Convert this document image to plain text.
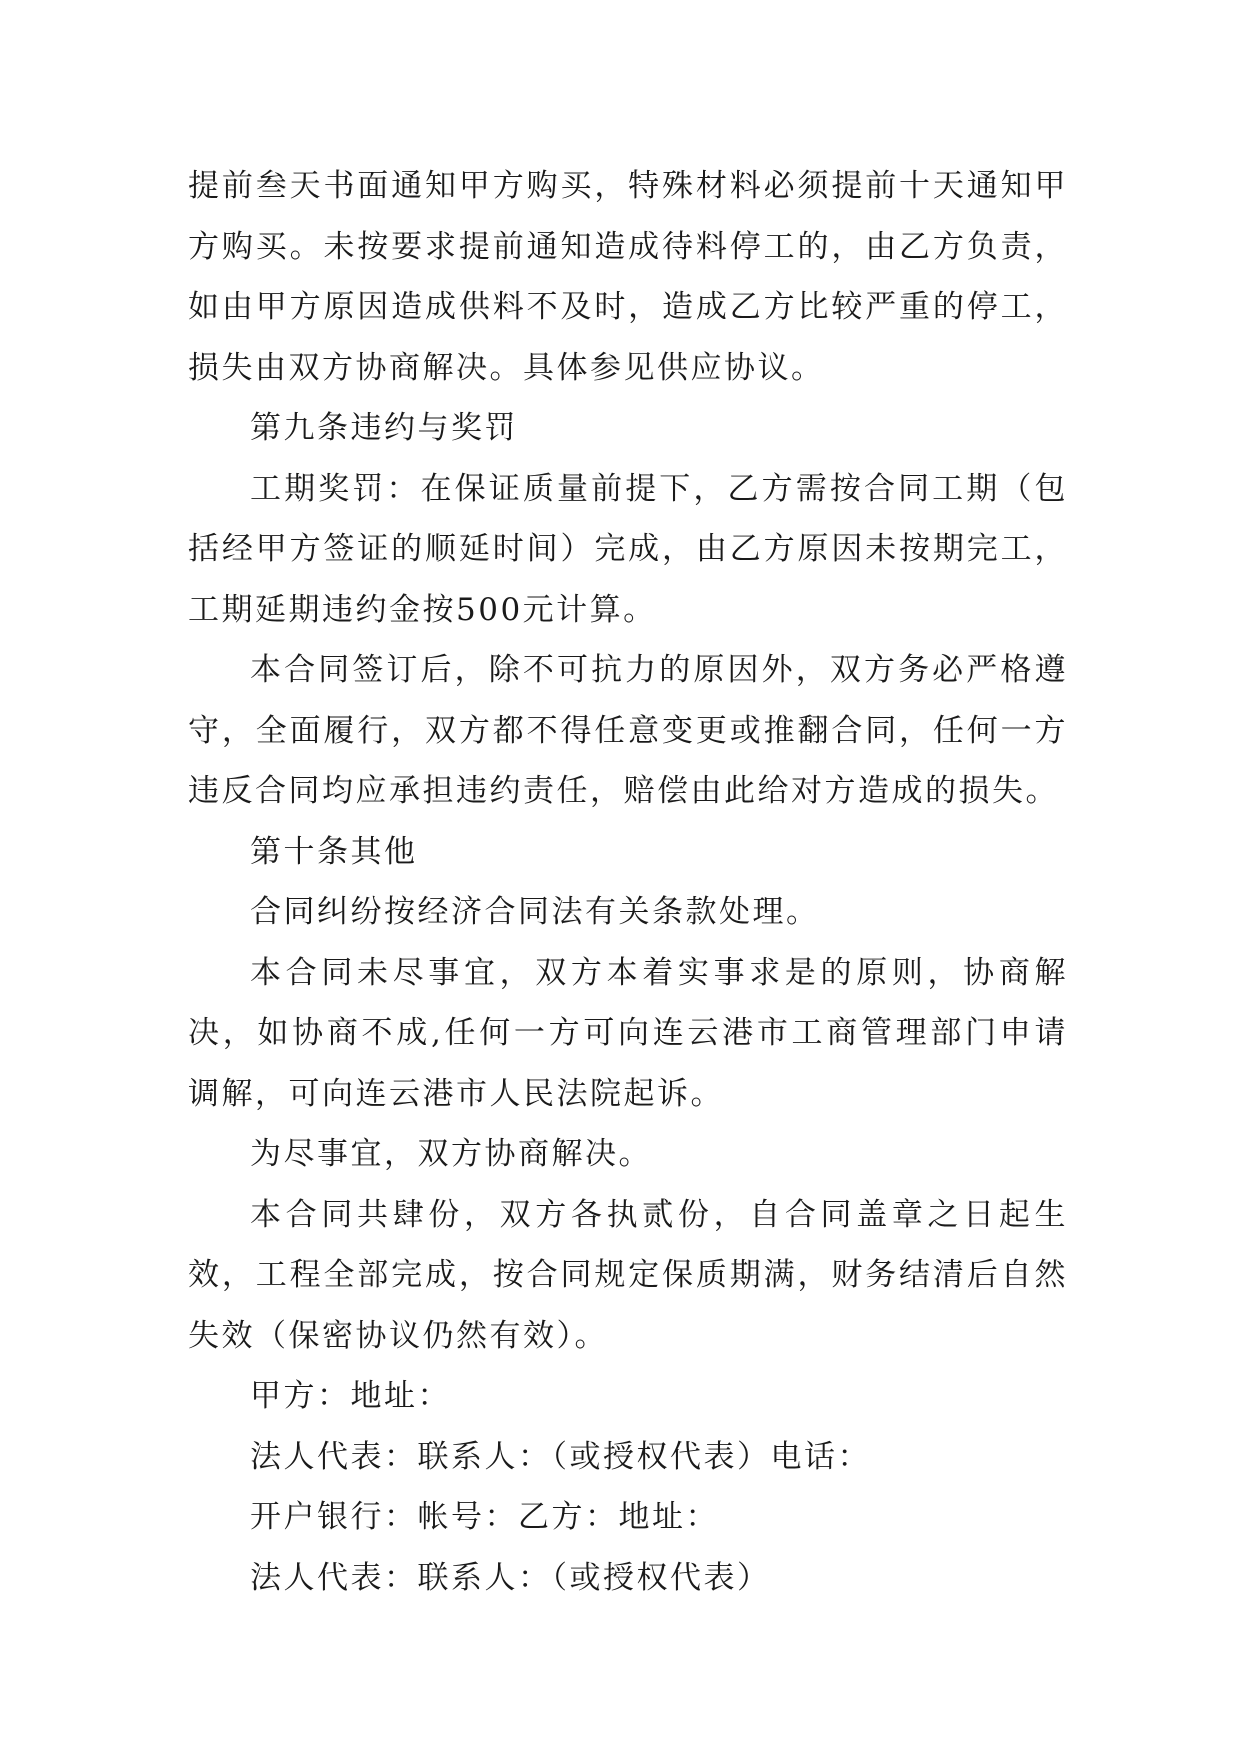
提前叁天书面通知甲方购买，特殊材料必须提前十天通知甲方购买。未按要求提前通知造成待料停工的，由乙方负责，如由甲方原因造成供料不及时，造成乙方比较严重的停工，损失由双方协商解决。具体参见供应协议。

第九条违约与奖罚

工期奖罚：在保证质量前提下，乙方需按合同工期（包括经甲方签证的顺延时间）完成，由乙方原因未按期完工，工期延期违约金按500元计算。

本合同签订后，除不可抗力的原因外，双方务必严格遵守，全面履行，双方都不得任意变更或推翻合同，任何一方违反合同均应承担违约责任，赔偿由此给对方造成的损失。

第十条其他

合同纠纷按经济合同法有关条款处理。

本合同未尽事宜，双方本着实事求是的原则，协商解决，如协商不成,任何一方可向连云港市工商管理部门申请调解，可向连云港市人民法院起诉。

为尽事宜，双方协商解决。

本合同共肆份，双方各执贰份，自合同盖章之日起生效，工程全部完成，按合同规定保质期满，财务结清后自然失效（保密协议仍然有效）。

甲方：地址：

法人代表：联系人：（或授权代表）电话：

开户银行：帐号：乙方：地址：

法人代表：联系人：（或授权代表）
